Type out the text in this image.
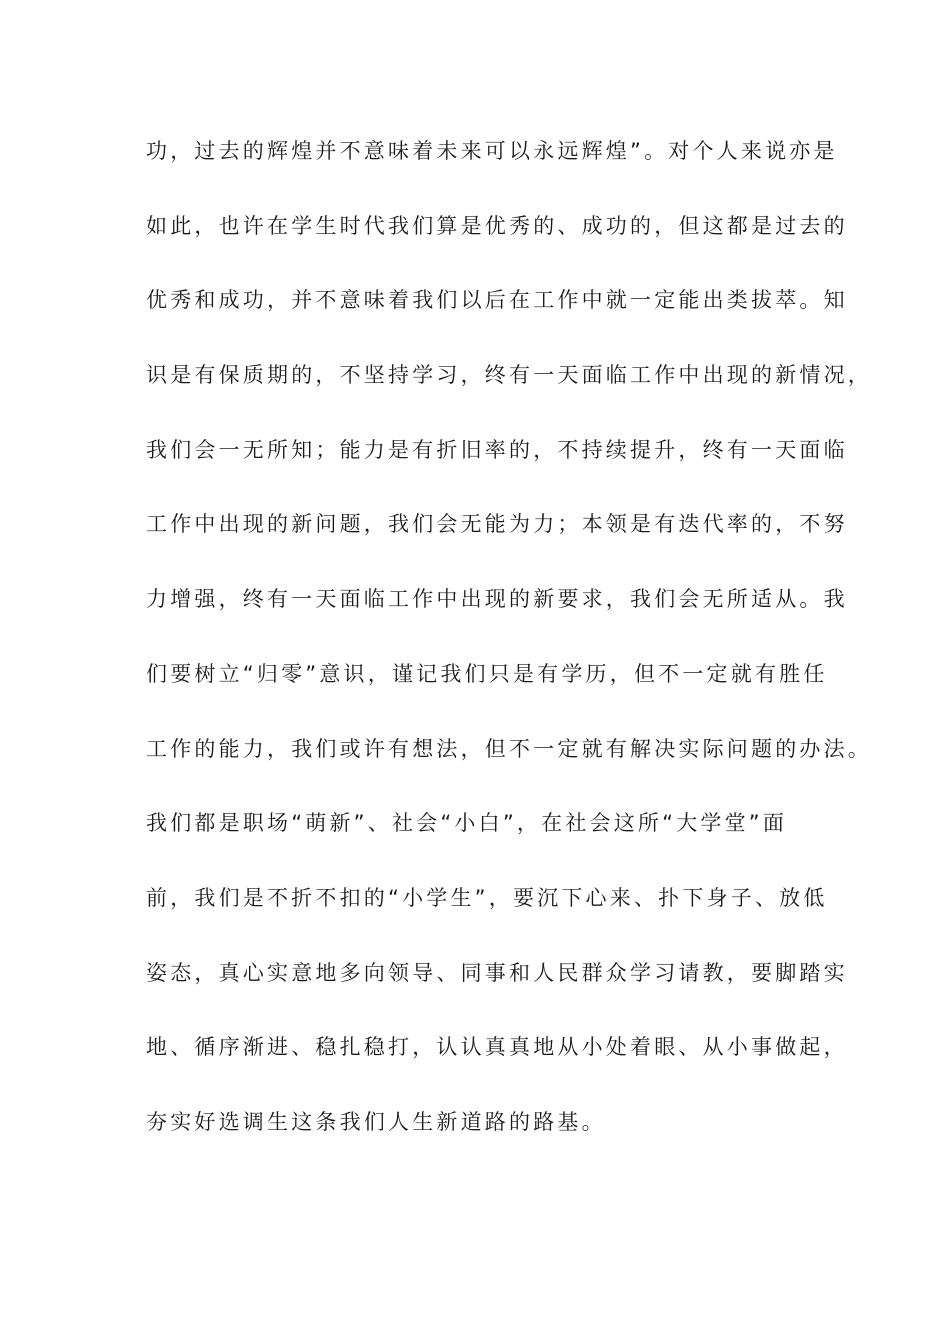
功，过去的辉煌并不意味着未来可以永远辉煌”。对个人来说亦是
如此，也许在学生时代我们算是优秀的、成功的，但这都是过去的
优秀和成功，并不意味着我们以后在工作中就一定能出类拔萃。知
识是有保质期的，不坚持学习，终有一天面临工作中出现的新情况，
我们会一无所知；能力是有折旧率的，不持续提升，终有一天面临
工作中出现的新问题，我们会无能为力；本领是有迭代率的，不努
力增强，终有一天面临工作中出现的新要求，我们会无所适从。我
们要树立“归零”意识，谨记我们只是有学历，但不一定就有胜任
工作的能力，我们或许有想法，但不一定就有解决实际问题的办法。
我们都是职场“萌新”、社会“小白”，在社会这所“大学堂”面
前，我们是不折不扣的“小学生”，要沉下心来、扑下身子、放低
姿态，真心实意地多向领导、同事和人民群众学习请教，要脚踏实
地、循序渐进、稳扎稳打，认认真真地从小处着眼、从小事做起，
夯实好选调生这条我们人生新道路的路基。
